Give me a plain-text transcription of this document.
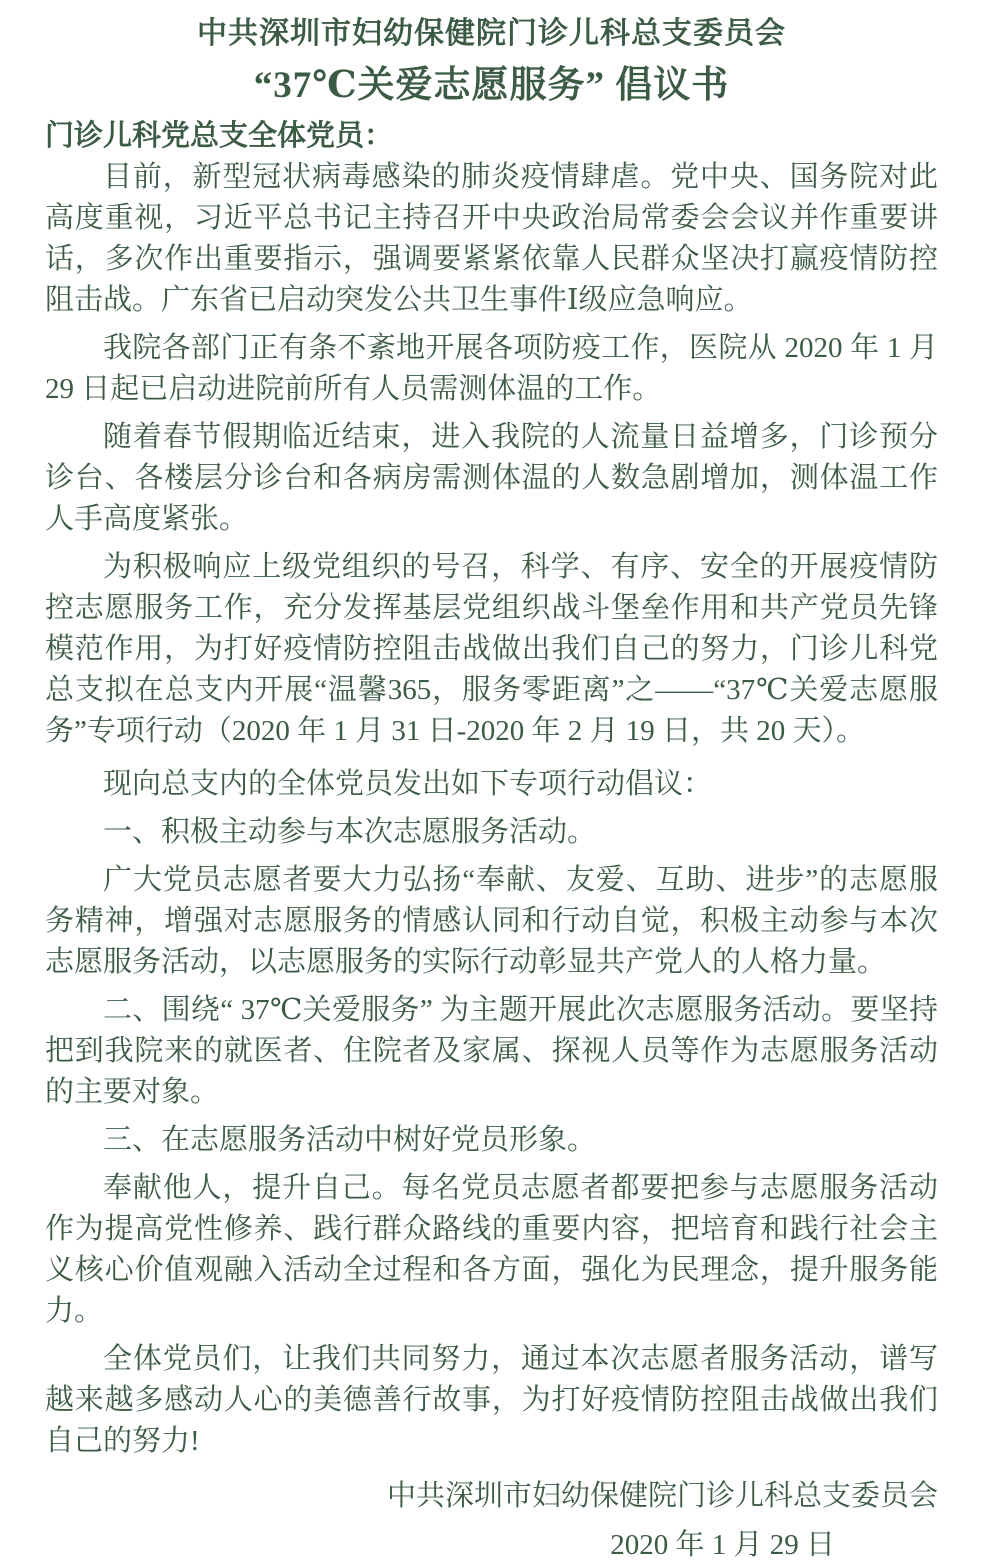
中共深圳市妇幼保健院门诊儿科总支委员会
“37℃关爱志愿服务” 倡议书
门诊儿科党总支全体党员：

目前，新型冠状病毒感染的肺炎疫情肆虐。党中央、国务院对此高度重视，习近平总书记主持召开中央政治局常委会会议并作重要讲话，多次作出重要指示，强调要紧紧依靠人民群众坚决打赢疫情防控阻击战。广东省已启动突发公共卫生事件Ⅰ级应急响应。

我院各部门正有条不紊地开展各项防疫工作，医院从 2020 年 1 月 29 日起已启动进院前所有人员需测体温的工作。

随着春节假期临近结束，进入我院的人流量日益增多，门诊预分诊台、各楼层分诊台和各病房需测体温的人数急剧增加，测体温工作人手高度紧张。

为积极响应上级党组织的号召，科学、有序、安全的开展疫情防控志愿服务工作，充分发挥基层党组织战斗堡垒作用和共产党员先锋模范作用，为打好疫情防控阻击战做出我们自己的努力，门诊儿科党总支拟在总支内开展“温馨365，服务零距离”之——“37℃关爱志愿服务”专项行动（2020 年 1 月 31 日-2020 年 2 月 19 日，共 20 天）。

现向总支内的全体党员发出如下专项行动倡议：

一、积极主动参与本次志愿服务活动。

广大党员志愿者要大力弘扬“奉献、友爱、互助、进步”的志愿服务精神，增强对志愿服务的情感认同和行动自觉，积极主动参与本次志愿服务活动，以志愿服务的实际行动彰显共产党人的人格力量。

二、围绕“ 37℃关爱服务” 为主题开展此次志愿服务活动。要坚持把到我院来的就医者、住院者及家属、探视人员等作为志愿服务活动的主要对象。

三、在志愿服务活动中树好党员形象。

奉献他人，提升自己。每名党员志愿者都要把参与志愿服务活动作为提高党性修养、践行群众路线的重要内容，把培育和践行社会主义核心价值观融入活动全过程和各方面，强化为民理念，提升服务能力。

全体党员们，让我们共同努力，通过本次志愿者服务活动，谱写越来越多感动人心的美德善行故事，为打好疫情防控阻击战做出我们自己的努力!

中共深圳市妇幼保健院门诊儿科总支委员会
2020 年 1 月 29 日
